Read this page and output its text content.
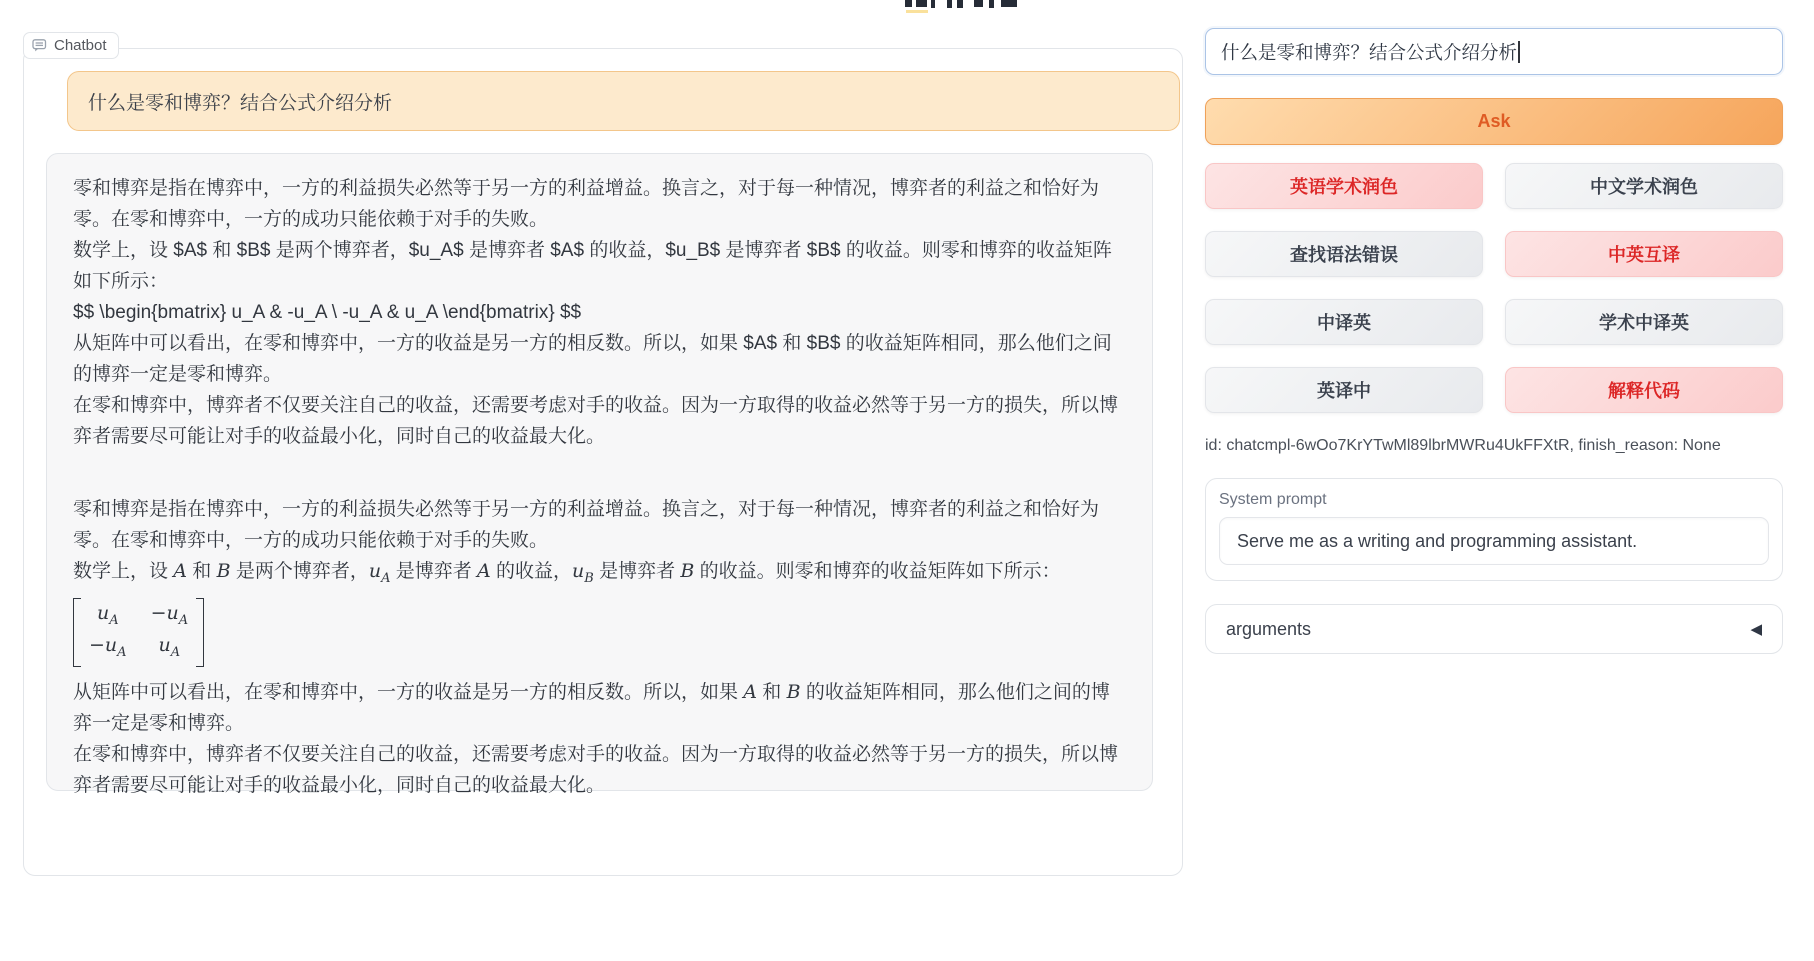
Chatbot
什么是零和博弈？结合公式介绍分析

零和博弈是指在博弈中，一方的利益损失必然等于另一方的利益增益。换言之，对于每一种情况，博弈者的利益之和恰好为零。在零和博弈中，一方的成功只能依赖于对手的失败。

数学上，设 $A$ 和 $B$ 是两个博弈者，$u_A$ 是博弈者 $A$ 的收益，$u_B$ 是博弈者 $B$ 的收益。则零和博弈的收益矩阵如下所示：

$$ \begin{bmatrix} u_A & -u_A \ -u_A & u_A \end{bmatrix} $$

从矩阵中可以看出，在零和博弈中，一方的收益是另一方的相反数。所以，如果 $A$ 和 $B$ 的收益矩阵相同，那么他们之间的博弈一定是零和博弈。

在零和博弈中，博弈者不仅要关注自己的收益，还需要考虑对手的收益。因为一方取得的收益必然等于另一方的损失，所以博弈者需要尽可能让对手的收益最小化，同时自己的收益最大化。

零和博弈是指在博弈中，一方的利益损失必然等于另一方的利益增益。换言之，对于每一种情况，博弈者的利益之和恰好为零。在零和博弈中，一方的成功只能依赖于对手的失败。

数学上，设 A 和 B 是两个博弈者，$u_A$ 是博弈者 A 的收益，$u_B$ 是博弈者 B 的收益。则零和博弈的收益矩阵如下所示：

$u_A -u_A$
$-u_A$ $u_A$

从矩阵中可以看出，在零和博弈中，一方的收益是另一方的相反数。所以，如果 A 和 B 的收益矩阵相同，那么他们之间的博弈一定是零和博弈。

在零和博弈中，博弈者不仅要关注自己的收益，还需要考虑对手的收益。因为一方取得的收益必然等于另一方的损失，所以博弈者需要尽可能让对手的收益最小化，同时自己的收益最大化。

什么是零和博弈？结合公式介绍分析
Ask
英语学术润色	中文学术润色
查找语法错误	中英互译
中译英	学术中译英
英译中	解释代码
id: chatcmpl-6wOo7KrYTwMl89lbrMWRu4UkFFXtR, finish_reason: None
System prompt
Serve me as a writing and programming assistant.
arguments	◀
